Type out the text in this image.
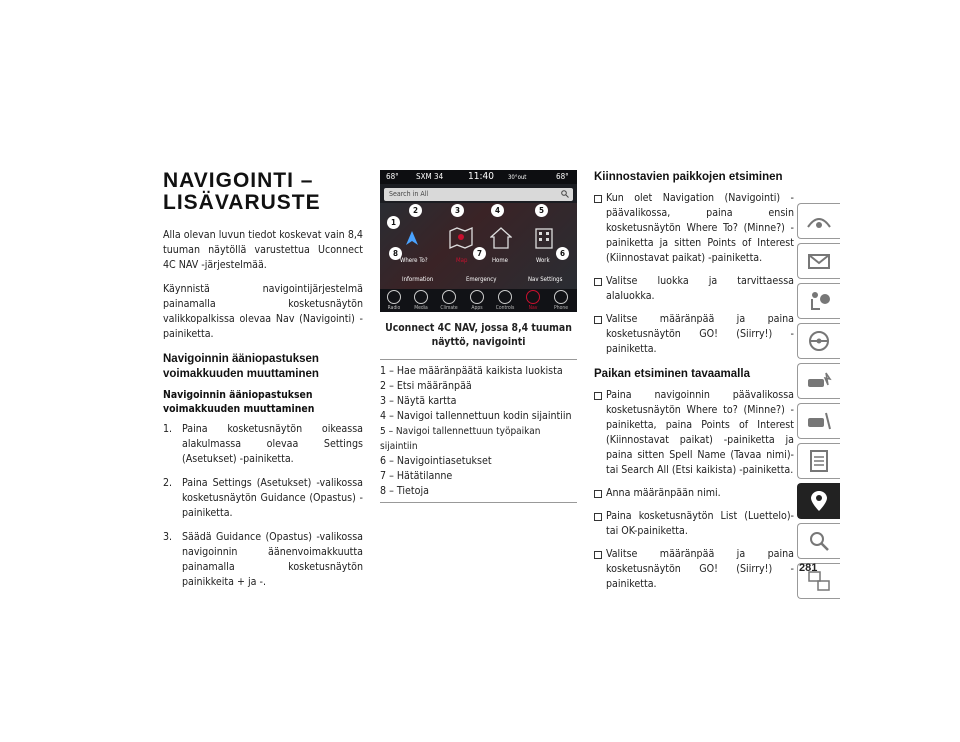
NAVIGOINTI – LISÄVARUSTE

Alla olevan luvun tiedot koskevat vain 8,4 tuuman näytöllä varustettua Uconnect 4C NAV -järjestelmää.

Käynnistä navigointijärjestelmä painamalla kosketusnäytön valikkopalkissa olevaa Nav (Navigointi) -painiketta.

Navigoinnin ääniopastuksen voimakkuuden muuttaminen
Navigoinnin ääniopastuksen voimakkuuden muuttaminen
1. Paina kosketusnäytön oikeassa alakulmassa olevaa Settings (Asetukset) -painiketta.
2. Paina Settings (Asetukset) -valikossa kosketusnäytön Guidance (Opastus) -painiketta.
3. Säädä Guidance (Opastus) -valikossa navigoinnin äänenvoimakkuutta painamalla kosketusnäytön painikkeita + ja -.
68° SXM 34 11:40 30°out	68°
Search in All
Where To?	Map	Home	Work
Information	Emergency	Nav Settings
1
2	3	4	5
6
7
8
Radio	Media	Climate	Apps	Controls	Nav	Phone
Uconnect 4C NAV, jossa 8,4 tuuman näyttö, navigointi
1 – Hae määränpäätä kaikista luokista
2 – Etsi määränpää
3 – Näytä kartta
4 – Navigoi tallennettuun kodin sijaintiin
5 – Navigoi tallennettuun työpaikan sijaintiin
6 – Navigointiasetukset
7 – Hätätilanne
8 – Tietoja
Kiinnostavien paikkojen etsiminen
Kun olet Navigation (Navigointi) -päävalikossa, paina ensin kosketusnäytön Where To? (Minne?) -painiketta ja sitten Points of Interest (Kiinnostavat paikat) -painiketta.
Valitse luokka ja tarvittaessa alaluokka.
Valitse määränpää ja paina kosketusnäytön GO! (Siirry!) -painiketta.
Paikan etsiminen tavaamalla
Paina navigoinnin päävalikossa kosketusnäytön Where to? (Minne?) -painiketta, paina Points of Interest (Kiinnostavat paikat) -painiketta ja paina sitten Spell Name (Tavaa nimi)- tai Search All (Etsi kaikista) -painiketta.
Anna määränpään nimi.
Paina kosketusnäytön List (Luettelo)- tai OK-painiketta.
Valitse määränpää ja paina kosketusnäytön GO! (Siirry!) -painiketta.
281
